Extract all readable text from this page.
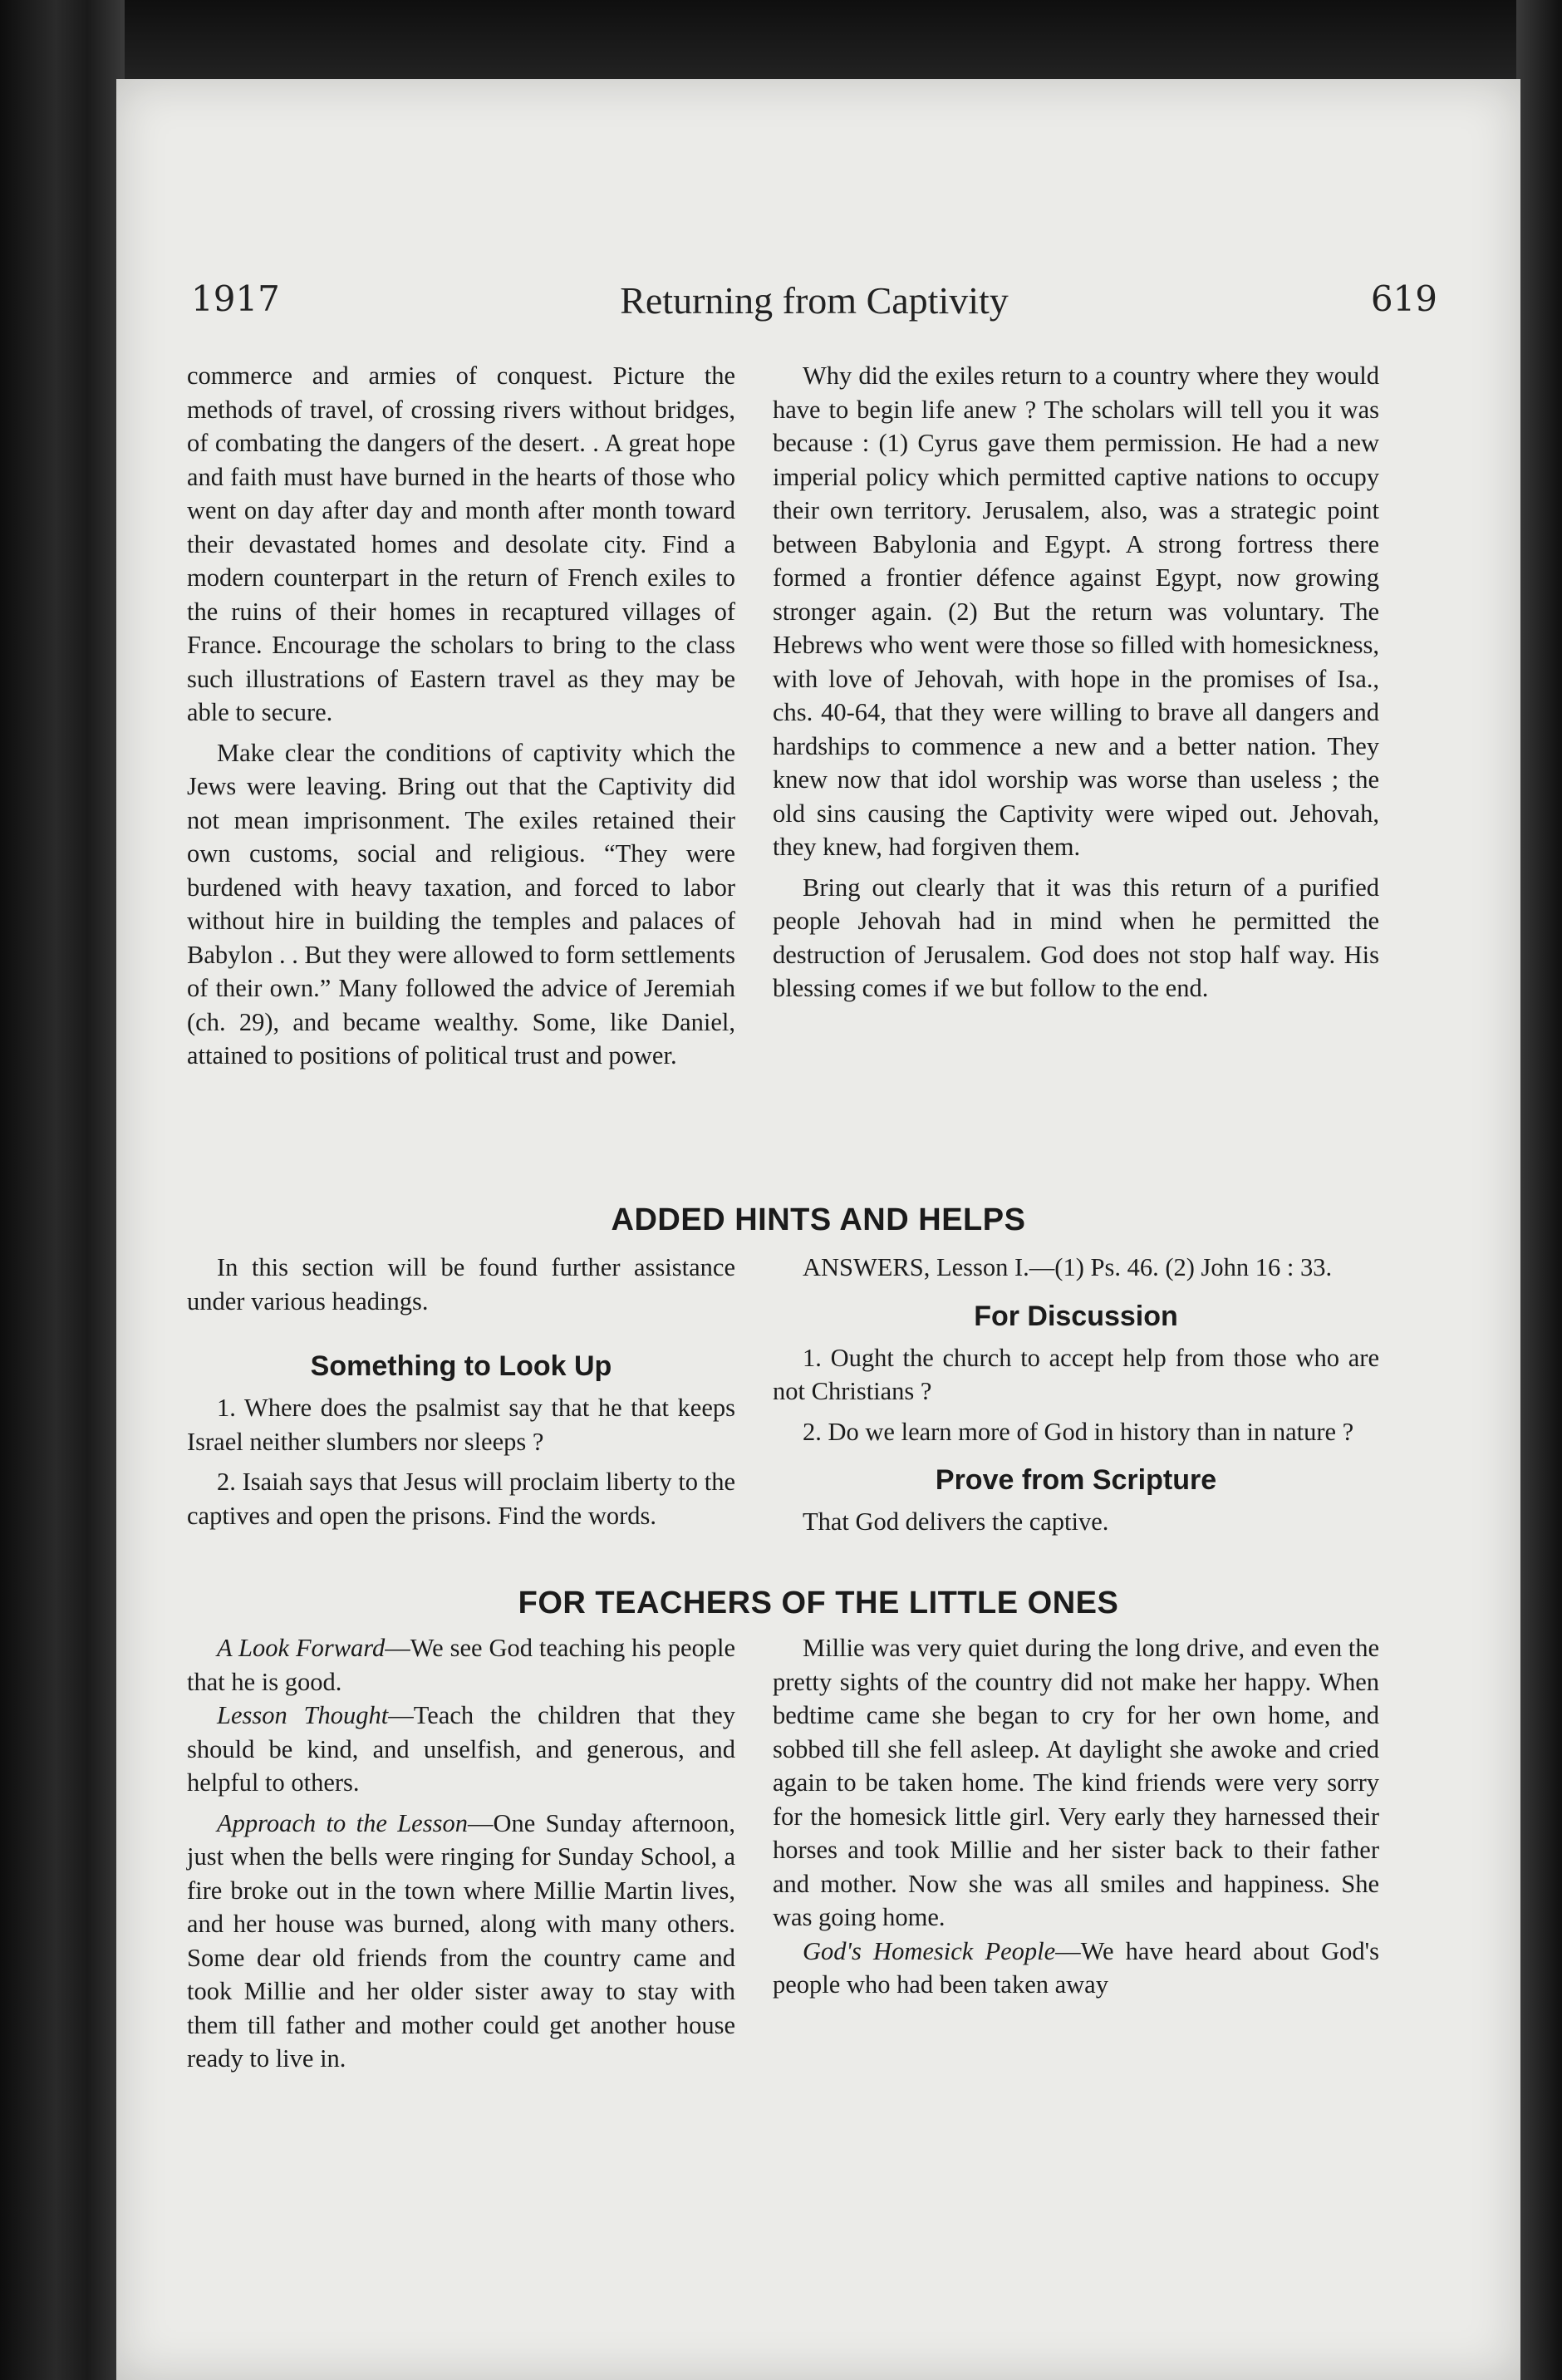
1917	Returning from Captivity	619

commerce and armies of conquest. Picture the methods of travel, of crossing rivers without bridges, of combating the dangers of the desert. . A great hope and faith must have burned in the hearts of those who went on day after day and month after month toward their devastated homes and desolate city. Find a modern counterpart in the return of French exiles to the ruins of their homes in recaptured villages of France. Encourage the scholars to bring to the class such illustrations of Eastern travel as they may be able to secure.

Make clear the conditions of captivity which the Jews were leaving. Bring out that the Captivity did not mean imprisonment. The exiles retained their own customs, social and religious. “They were burdened with heavy taxation, and forced to labor without hire in building the temples and palaces of Babylon . . But they were allowed to form settlements of their own.” Many followed the advice of Jeremiah (ch. 29), and became wealthy. Some, like Daniel, attained to positions of political trust and power.

Why did the exiles return to a country where they would have to begin life anew ? The scholars will tell you it was because : (1) Cyrus gave them permission. He had a new imperial policy which permitted captive nations to occupy their own territory. Jerusalem, also, was a strategic point between Babylonia and Egypt. A strong fortress there formed a frontier défence against Egypt, now growing stronger again. (2) But the return was voluntary. The Hebrews who went were those so filled with homesickness, with love of Jehovah, with hope in the promises of Isa., chs. 40-64, that they were willing to brave all dangers and hardships to commence a new and a better nation. They knew now that idol worship was worse than useless ; the old sins causing the Captivity were wiped out. Jehovah, they knew, had forgiven them.

Bring out clearly that it was this return of a purified people Jehovah had in mind when he permitted the destruction of Jerusalem. God does not stop half way. His blessing comes if we but follow to the end.

ADDED HINTS AND HELPS

In this section will be found further assistance under various headings.

Something to Look Up

1. Where does the psalmist say that he that keeps Israel neither slumbers nor sleeps ?

2. Isaiah says that Jesus will proclaim liberty to the captives and open the prisons. Find the words.

ANSWERS, Lesson I.—(1) Ps. 46. (2) John 16 : 33.

For Discussion

1. Ought the church to accept help from those who are not Christians ?

2. Do we learn more of God in history than in nature ?

Prove from Scripture

That God delivers the captive.

FOR TEACHERS OF THE LITTLE ONES

A Look Forward—We see God teaching his people that he is good.

Lesson Thought—Teach the children that they should be kind, and unselfish, and generous, and helpful to others.

Approach to the Lesson—One Sunday afternoon, just when the bells were ringing for Sunday School, a fire broke out in the town where Millie Martin lives, and her house was burned, along with many others. Some dear old friends from the country came and took Millie and her older sister away to stay with them till father and mother could get another house ready to live in.

Millie was very quiet during the long drive, and even the pretty sights of the country did not make her happy. When bedtime came she began to cry for her own home, and sobbed till she fell asleep. At daylight she awoke and cried again to be taken home. The kind friends were very sorry for the homesick little girl. Very early they harnessed their horses and took Millie and her sister back to their father and mother. Now she was all smiles and happiness. She was going home.

God's Homesick People—We have heard about God's people who had been taken away
